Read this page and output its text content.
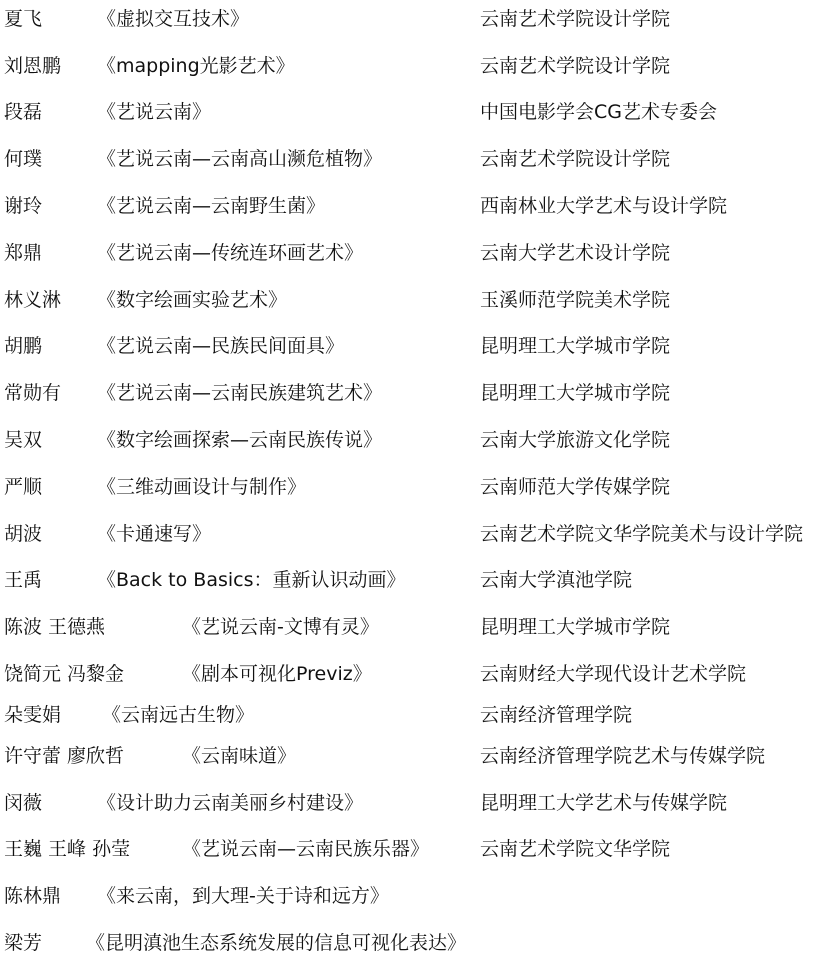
夏飞	《虚拟交互技术》	云南艺术学院设计学院
刘恩鹏 《mapping光影艺术》	云南艺术学院设计学院
段磊	《艺说云南》	中国电影学会CG艺术专委会
何璞	《艺说云南—云南高山濒危植物》	云南艺术学院设计学院
谢玲	《艺说云南—云南野生菌》	西南林业大学艺术与设计学院
郑鼎	《艺说云南—传统连环画艺术》	云南大学艺术设计学院
林义淋 《数字绘画实验艺术》	玉溪师范学院美术学院
胡鹏	《艺说云南—民族民间面具》	昆明理工大学城市学院
常勋有 《艺说云南—云南民族建筑艺术》	昆明理工大学城市学院
吴双	《数字绘画探索—云南民族传说》	云南大学旅游文化学院
严顺	《三维动画设计与制作》	云南师范大学传媒学院
胡波	《卡通速写》	云南艺术学院文华学院美术与设计学院
王禹	《Back to Basics：重新认识动画》	云南大学滇池学院
陈波 王德燕	《艺说云南-文博有灵》	昆明理工大学城市学院
饶简元 冯黎金	《剧本可视化Previz》	云南财经大学现代设计艺术学院
朵雯娟 《云南远古生物》	云南经济管理学院
许守蕾 廖欣哲	《云南味道》	云南经济管理学院艺术与传媒学院
闵薇	《设计助力云南美丽乡村建设》	昆明理工大学艺术与传媒学院
王巍 王峰 孙莹	《艺说云南—云南民族乐器》	云南艺术学院文华学院
陈林鼎 《来云南，到大理-关于诗和远方》
梁芳 《昆明滇池生态系统发展的信息可视化表达》
